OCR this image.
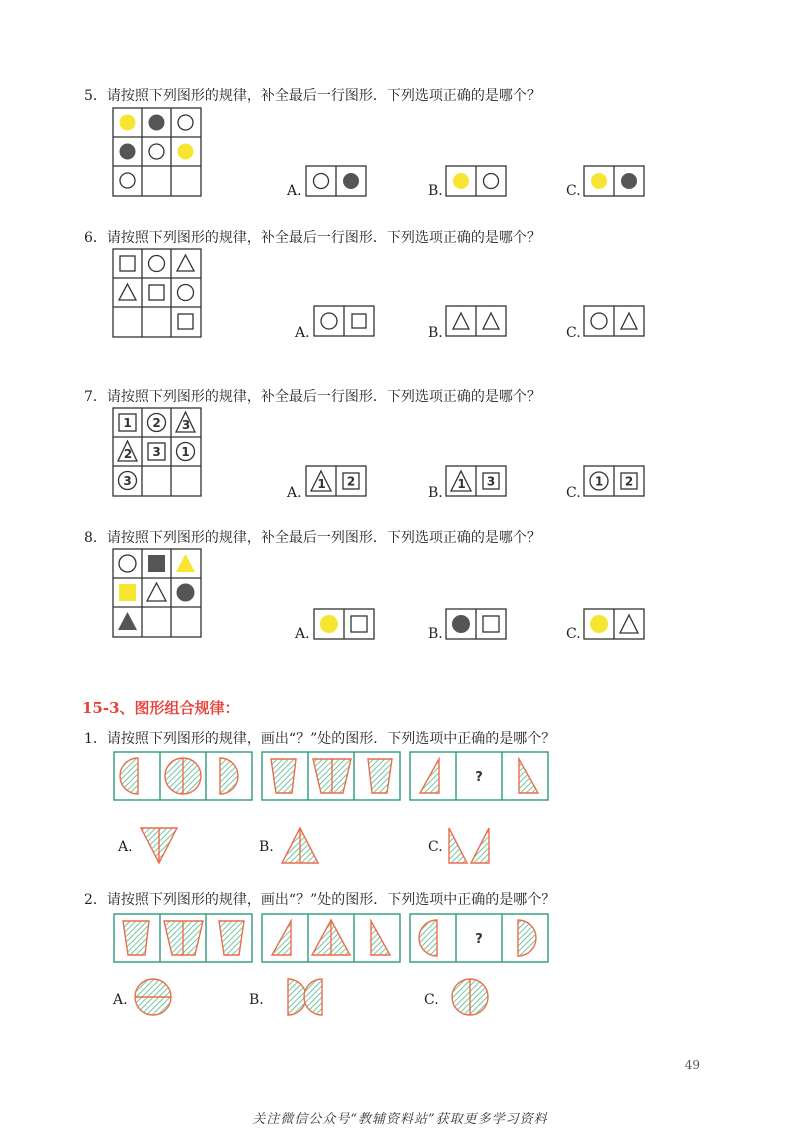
5．请按照下列图形的规律，补全最后一行图形．下列选项正确的是哪个？
A.	B.	C.
6．请按照下列图形的规律，补全最后一行图形．下列选项正确的是哪个？
A.	B.	C.
7．请按照下列图形的规律，补全最后一行图形．下列选项正确的是哪个？
1 2 3
2 3 1
3
A.
1 2
B.
1 3
C.
1 2
8．请按照下列图形的规律，补全最后一列图形．下列选项正确的是哪个？
A.	B.	C.
15-3、图形组合规律：
1．请按照下列图形的规律，画出“？”处的图形．下列选项中正确的是哪个？
?
A.	B.	C.
2．请按照下列图形的规律，画出“？”处的图形．下列选项中正确的是哪个？
?
A.	B.	C.
49
关注微信公众号“教辅资料站”获取更多学习资料
